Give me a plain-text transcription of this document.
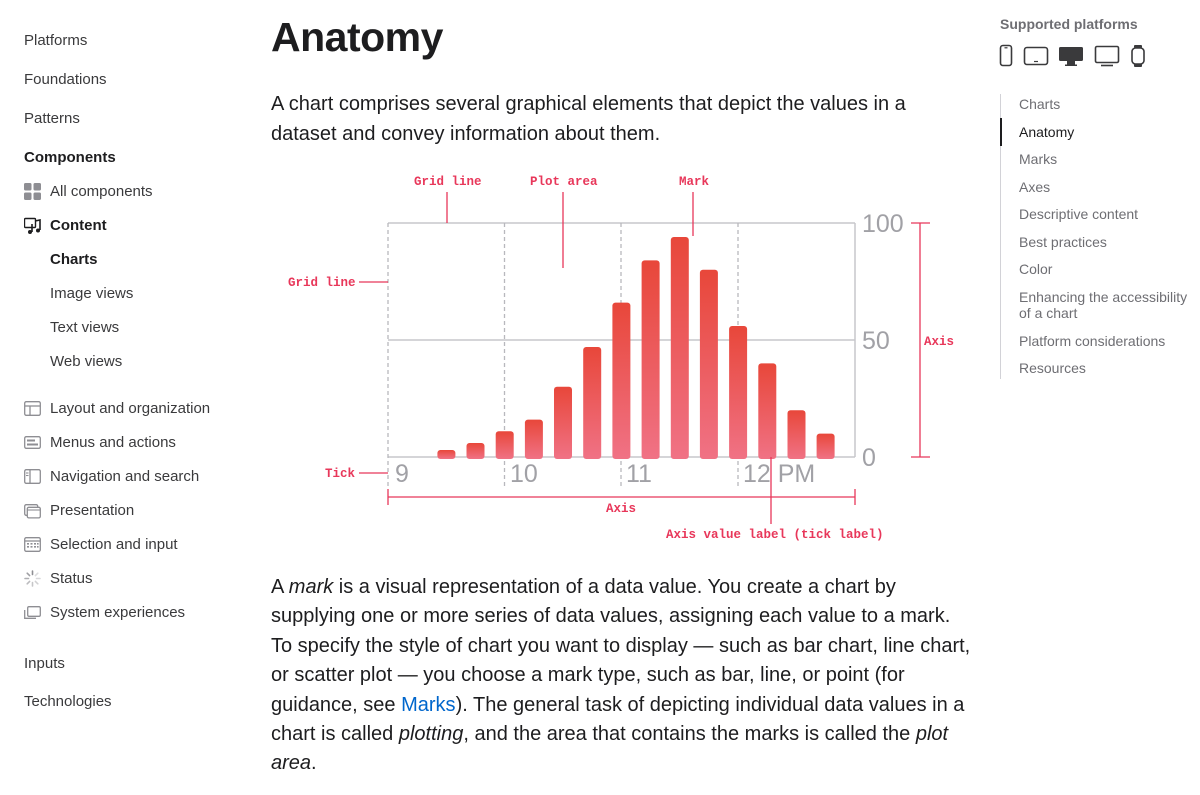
Platforms
Foundations
Patterns
Components
All components
Content
Charts
Image views
Text views
Web views
Layout and organization
Menus and actions
Navigation and search
Presentation
Selection and input
Status
System experiences
Inputs
Technologies
Anatomy

A chart comprises several graphical elements that depict the values in a dataset and convey information about them.

100
50
0
9	10	11	12 PM
Grid line	Plot area	Mark
Grid line
Axis
Tick
Axis
Axis value label (tick label)

A mark is a visual representation of a data value. You create a chart by supplying one or more series of data values, assigning each value to a mark. To specify the style of chart you want to display — such as bar chart, line chart, or scatter plot — you choose a mark type, such as bar, line, or point (for guidance, see Marks). The general task of depicting individual data values in a chart is called plotting, and the area that contains the marks is called the plot area.

Supported platforms
Charts
Anatomy
Marks
Axes
Descriptive content
Best practices
Color
Enhancing the accessibility of a chart
Platform considerations
Resources
